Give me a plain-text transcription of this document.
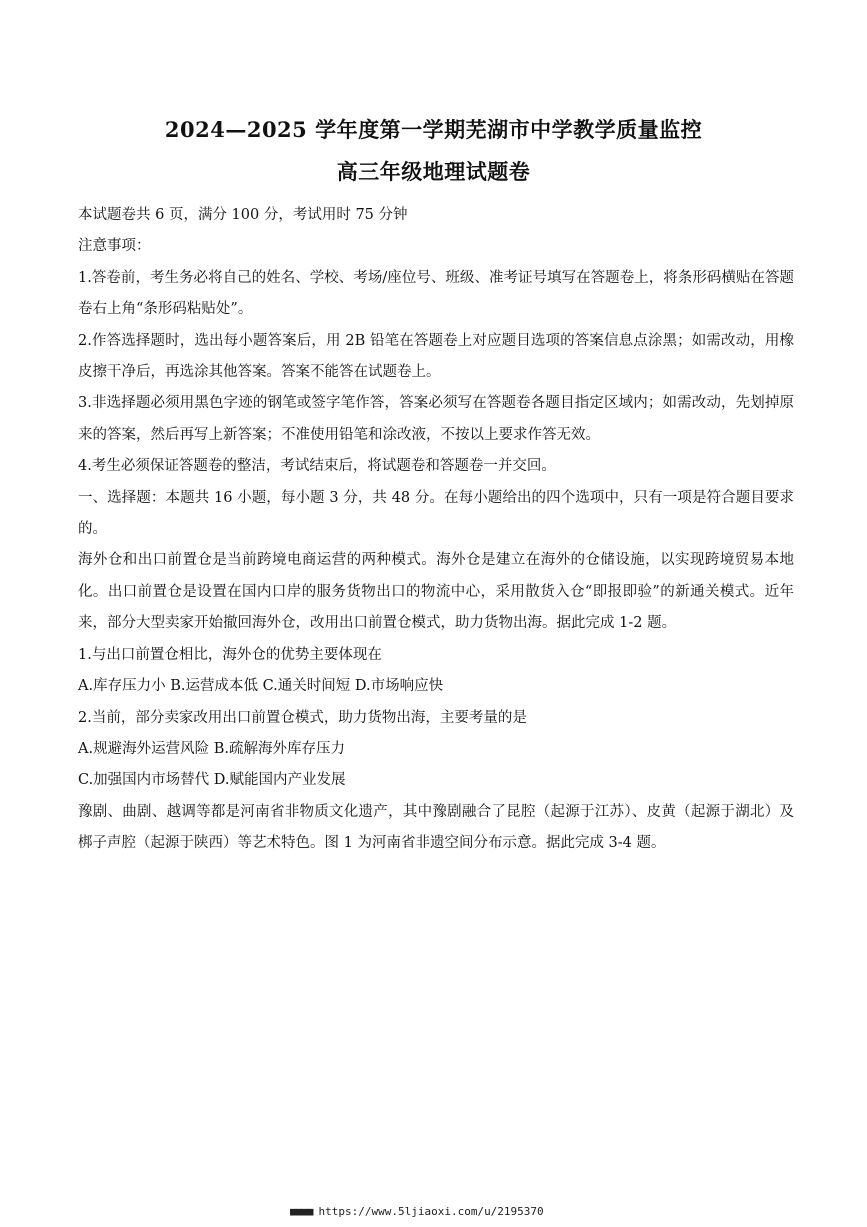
2024—2025 学年度第一学期芜湖市中学教学质量监控
高三年级地理试题卷

本试题卷共 6 页，满分 100 分，考试用时 75 分钟

注意事项：

1.答卷前，考生务必将自己的姓名、学校、考场/座位号、班级、准考证号填写在答题卷上，将条形码横贴在答题卷右上角“条形码粘贴处”。

2.作答选择题时，选出每小题答案后，用 2B 铅笔在答题卷上对应题目选项的答案信息点涂黑；如需改动，用橡皮擦干净后，再选涂其他答案。答案不能答在试题卷上。

3.非选择题必须用黑色字迹的钢笔或签字笔作答，答案必须写在答题卷各题目指定区域内；如需改动，先划掉原来的答案，然后再写上新答案；不准使用铅笔和涂改液，不按以上要求作答无效。

4.考生必须保证答题卷的整洁，考试结束后，将试题卷和答题卷一并交回。

一、选择题：本题共 16 小题，每小题 3 分，共 48 分。在每小题给出的四个选项中，只有一项是符合题目要求的。

海外仓和出口前置仓是当前跨境电商运营的两种模式。海外仓是建立在海外的仓储设施，以实现跨境贸易本地化。出口前置仓是设置在国内口岸的服务货物出口的物流中心，采用散货入仓“即报即验”的新通关模式。近年来，部分大型卖家开始撤回海外仓，改用出口前置仓模式，助力货物出海。据此完成 1-2 题。

1.与出口前置仓相比，海外仓的优势主要体现在

A.库存压力小 B.运营成本低 C.通关时间短 D.市场响应快

2.当前，部分卖家改用出口前置仓模式，助力货物出海，主要考量的是

A.规避海外运营风险 B.疏解海外库存压力

C.加强国内市场替代 D.赋能国内产业发展

豫剧、曲剧、越调等都是河南省非物质文化遗产，其中豫剧融合了昆腔（起源于江苏）、皮黄（起源于湖北）及梆子声腔（起源于陕西）等艺术特色。图 1 为河南省非遗空间分布示意。据此完成 3-4 题。

■■■■ https://www.5ljiaoxi.com/u/2195370
